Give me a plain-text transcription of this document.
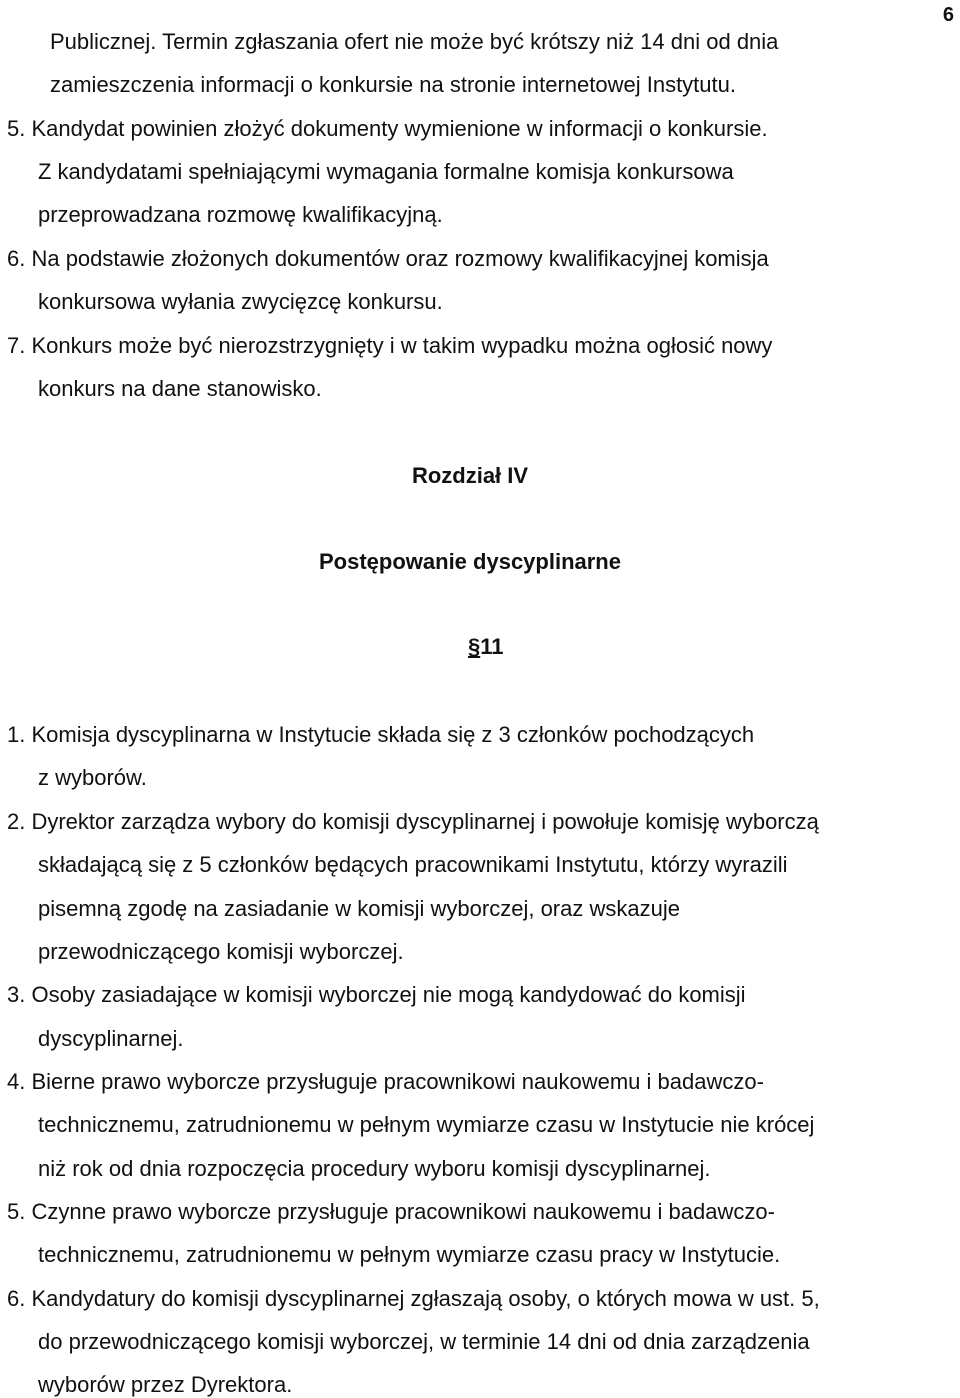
6
Publicznej. Termin zgłaszania ofert nie może być krótszy niż 14 dni od dnia
zamieszczenia informacji o konkursie na stronie internetowej Instytutu.
5. Kandydat powinien złożyć dokumenty wymienione w informacji o konkursie.
Z kandydatami spełniającymi wymagania formalne komisja konkursowa
przeprowadzana rozmowę kwalifikacyjną.
6. Na podstawie złożonych dokumentów oraz rozmowy kwalifikacyjnej komisja
konkursowa wyłania zwycięzcę konkursu.
7. Konkurs może być nierozstrzygnięty i w takim wypadku można ogłosić nowy
konkurs na dane stanowisko.
Rozdział IV
Postępowanie dyscyplinarne
§11
1. Komisja dyscyplinarna w Instytucie składa się z 3 członków pochodzących
z wyborów.
2. Dyrektor zarządza wybory do komisji dyscyplinarnej i powołuje komisję wyborczą
składającą się z 5 członków będących pracownikami Instytutu, którzy wyrazili
pisemną zgodę na zasiadanie w komisji wyborczej, oraz wskazuje
przewodniczącego komisji wyborczej.
3. Osoby zasiadające w komisji wyborczej nie mogą kandydować do komisji
dyscyplinarnej.
4. Bierne prawo wyborcze przysługuje pracownikowi naukowemu i badawczo-
technicznemu, zatrudnionemu w pełnym wymiarze czasu w Instytucie nie krócej
niż rok od dnia rozpoczęcia procedury wyboru komisji dyscyplinarnej.
5. Czynne prawo wyborcze przysługuje pracownikowi naukowemu i badawczo-
technicznemu, zatrudnionemu w pełnym wymiarze czasu pracy w Instytucie.
6. Kandydatury do komisji dyscyplinarnej zgłaszają osoby, o których mowa w ust. 5,
do przewodniczącego komisji wyborczej, w terminie 14 dni od dnia zarządzenia
wyborów przez Dyrektora.
